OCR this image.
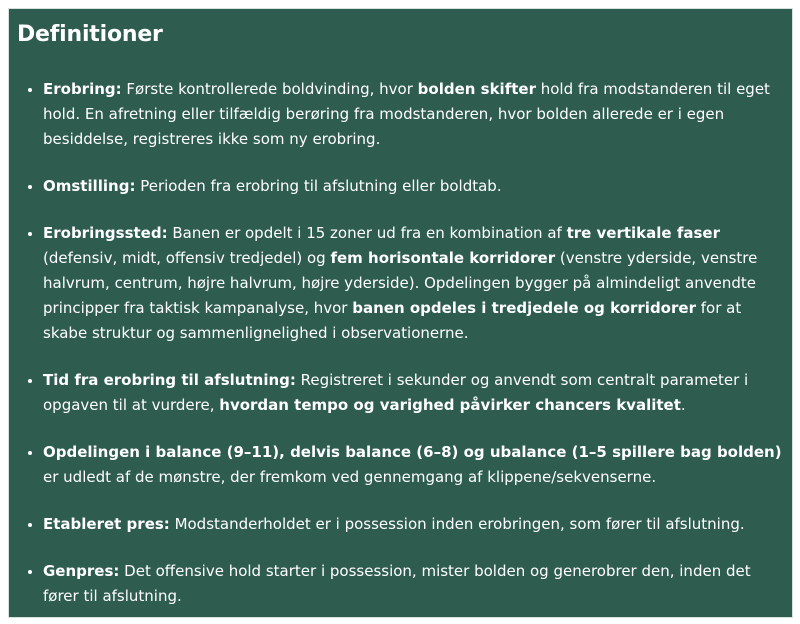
Definitioner
• Erobring: Første kontrollerede boldvinding, hvor bolden skifter hold fra modstanderen til eget hold. En afretning eller tilfældig berøring fra modstanderen, hvor bolden allerede er i egen besiddelse, registreres ikke som ny erobring.
• Omstilling: Perioden fra erobring til afslutning eller boldtab.
• Erobringssted: Banen er opdelt i 15 zoner ud fra en kombination af tre vertikale faser (defensiv, midt, offensiv tredjedel) og fem horisontale korridorer (venstre yderside, venstre halvrum, centrum, højre halvrum, højre yderside). Opdelingen bygger på almindeligt anvendte principper fra taktisk kampanalyse, hvor banen opdeles i tredjedele og korridorer for at skabe struktur og sammenlignelighed i observationerne.
• Tid fra erobring til afslutning: Registreret i sekunder og anvendt som centralt parameter i opgaven til at vurdere, hvordan tempo og varighed påvirker chancers kvalitet.
• Opdelingen i balance (9–11), delvis balance (6–8) og ubalance (1–5 spillere bag bolden) er udledt af de mønstre, der fremkom ved gennemgang af klippene/sekvenserne.
• Etableret pres: Modstanderholdet er i possession inden erobringen, som fører til afslutning.
• Genpres: Det offensive hold starter i possession, mister bolden og generobrer den, inden det fører til afslutning.
